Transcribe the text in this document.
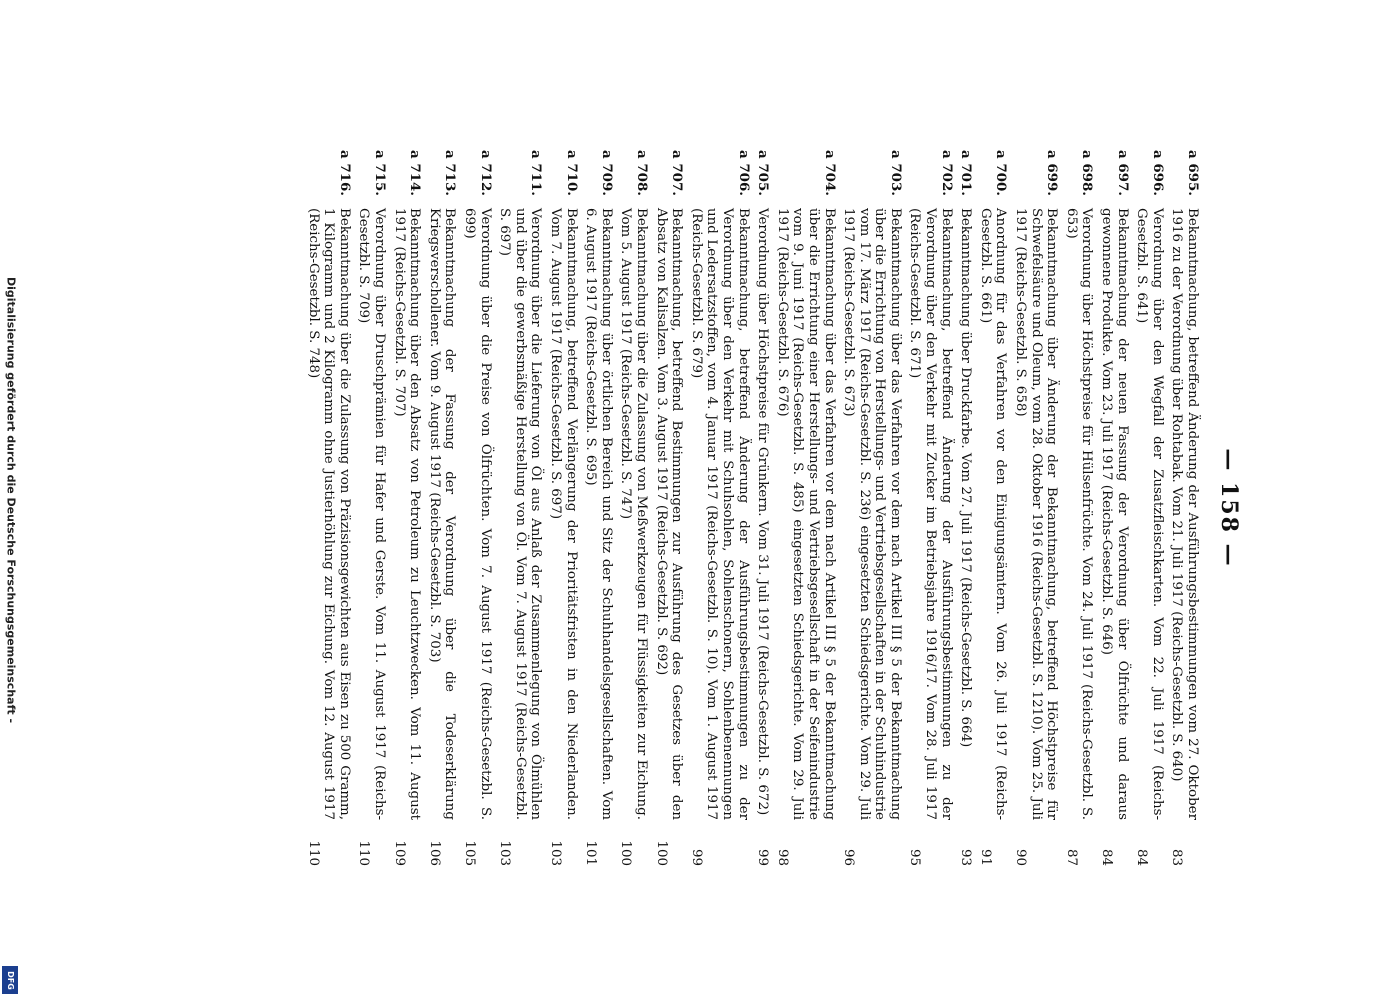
Digitalisierung gefördert durch die Deutsche Forschungsgemeinschaft -
DFG
— 158 —
a 695.
Bekanntmachung, betreffend Änderung der Ausführungsbestimmungen vom 27. Oktober 1916 zu der Verordnung über Rohtabak. Vom 21. Juli 1917 (Reichs-Gesetzbl. S. 640)
83
a 696.
Verordnung über den Wegfall der Zusatzfleischkarten. Vom 22. Juli 1917 (Reichs-Gesetzbl. S. 641)
84
a 697.
Bekanntmachung der neuen Fassung der Verordnung über Ölfrüchte und daraus gewonnene Produkte. Vom 23. Juli 1917 (Reichs-Gesetzbl. S. 646)
84
a 698.
Verordnung über Höchstpreise für Hülsenfrüchte. Vom 24. Juli 1917 (Reichs-Gesetzbl. S. 653)
87
a 699.
Bekanntmachung über Änderung der Bekanntmachung, betreffend Höchstpreise für Schwefelsäure und Oleum, vom 28. Oktober 1916 (Reichs-Gesetzbl. S. 1210). Vom 25. Juli 1917 (Reichs-Gesetzbl. S. 658)
90
a 700.
Anordnung für das Verfahren vor den Einigungsämtern. Vom 26. Juli 1917 (Reichs-Gesetzbl. S. 661)
91
a 701.
Bekanntmachung über Druckfarbe. Vom 27. Juli 1917 (Reichs-Gesetzbl. S. 664)
93
a 702.
Bekanntmachung, betreffend Änderung der Ausführungsbestimmungen zu der Verordnung über den Verkehr mit Zucker im Betriebsjahre 1916/17. Vom 28. Juli 1917 (Reichs-Gesetzbl. S. 671)
95
a 703.
Bekanntmachung über das Verfahren vor dem nach Artikel III § 5 der Bekanntmachung über die Errichtung von Herstellungs- und Vertriebsgesellschaften in der Schuhindustrie vom 17. März 1917 (Reichs-Gesetzbl. S. 236) eingesetzten Schiedsgerichte. Vom 29. Juli 1917 (Reichs-Gesetzbl. S. 673)
96
a 704.
Bekanntmachung über das Verfahren vor dem nach Artikel III § 5 der Bekanntmachung über die Errichtung einer Herstellungs- und Vertriebsgesellschaft in der Seifenindustrie vom 9. Juni 1917 (Reichs-Gesetzbl. S. 485) eingesetzten Schiedsgerichte. Vom 29. Juli 1917 (Reichs-Gesetzbl. S. 676)
98
a 705.
Verordnung über Höchstpreise für Grünkern. Vom 31. Juli 1917 (Reichs-Gesetzbl. S. 672)
99
a 706.
Bekanntmachung, betreffend Änderung der Ausführungsbestimmungen zu der Verordnung über den Verkehr mit Schuhsohlen, Sohlenschonern, Sohlenbenennungen und Ledersatzstoffen, vom 4. Januar 1917 (Reichs-Gesetzbl. S. 10). Vom 1. August 1917 (Reichs-Gesetzbl. S. 679)
99
a 707.
Bekanntmachung, betreffend Bestimmungen zur Ausführung des Gesetzes über den Absatz von Kalisalzen. Vom 3. August 1917 (Reichs-Gesetzbl. S. 692)
100
a 708.
Bekanntmachung über die Zulassung von Meßwerkzeugen für Flüssigkeiten zur Eichung. Vom 5. August 1917 (Reichs-Gesetzbl. S. 747)
100
a 709.
Bekanntmachung über örtlichen Bereich und Sitz der Schuhhandelsgesellschaften. Vom 6. August 1917 (Reichs-Gesetzbl. S. 695)
101
a 710.
Bekanntmachung, betreffend Verlängerung der Prioritätsfristen in den Niederlanden. Vom 7. August 1917 (Reichs-Gesetzbl. S. 697)
103
a 711.
Verordnung über die Lieferung von Öl aus Anlaß der Zusammenlegung von Ölmühlen und über die gewerbsmäßige Herstellung von Öl. Vom 7. August 1917 (Reichs-Gesetzbl. S. 697)
103
a 712.
Verordnung über die Preise von Ölfrüchten. Vom 7. August 1917 (Reichs-Gesetzbl. S. 699)
105
a 713.
Bekanntmachung der Fassung der Verordnung über die Todeserklärung Kriegsverschollener. Vom 9. August 1917 (Reichs-Gesetzbl. S. 703)
106
a 714.
Bekanntmachung über den Absatz von Petroleum zu Leuchtzwecken. Vom 11. August 1917 (Reichs-Gesetzbl. S. 707)
109
a 715.
Verordnung über Druschprämien für Hafer und Gerste. Vom 11. August 1917 (Reichs-Gesetzbl. S. 709)
110
a 716.
Bekanntmachung über die Zulassung von Präzisionsgewichten aus Eisen zu 500 Gramm, 1 Kilogramm und 2 Kilogramm ohne Justierhöhlung zur Eichung. Vom 12. August 1917 (Reichs-Gesetzbl. S. 748)
110
